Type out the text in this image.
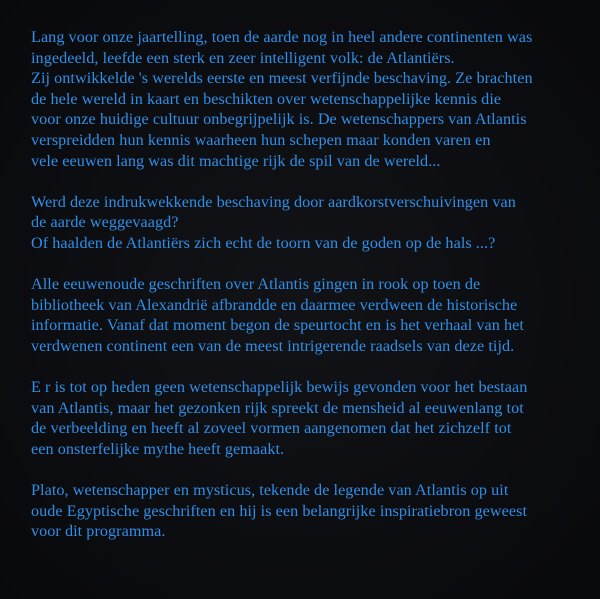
Lang voor onze jaartelling, toen de aarde nog in heel andere continenten was
ingedeeld, leefde een sterk en zeer intelligent volk: de Atlantiërs.
Zij ontwikkelde 's werelds eerste en meest verfijnde beschaving. Ze brachten
de hele wereld in kaart en beschikten over wetenschappelijke kennis die
voor onze huidige cultuur onbegrijpelijk is. De wetenschappers van Atlantis
verspreidden hun kennis waarheen hun schepen maar konden varen en
vele eeuwen lang was dit machtige rijk de spil van de wereld...

Werd deze indrukwekkende beschaving door aardkorstverschuivingen van
de aarde weggevaagd?
Of haalden de Atlantiërs zich echt de toorn van de goden op de hals ...?

Alle eeuwenoude geschriften over Atlantis gingen in rook op toen de
bibliotheek van Alexandrië afbrandde en daarmee verdween de historische
informatie. Vanaf dat moment begon de speurtocht en is het verhaal van het
verdwenen continent een van de meest intrigerende raadsels van deze tijd.

E r is tot op heden geen wetenschappelijk bewijs gevonden voor het bestaan
van Atlantis, maar het gezonken rijk spreekt de mensheid al eeuwenlang tot
de verbeelding en heeft al zoveel vormen aangenomen dat het zichzelf tot
een onsterfelijke mythe heeft gemaakt.

Plato, wetenschapper en mysticus, tekende de legende van Atlantis op uit
oude Egyptische geschriften en hij is een belangrijke inspiratiebron geweest
voor dit programma.
